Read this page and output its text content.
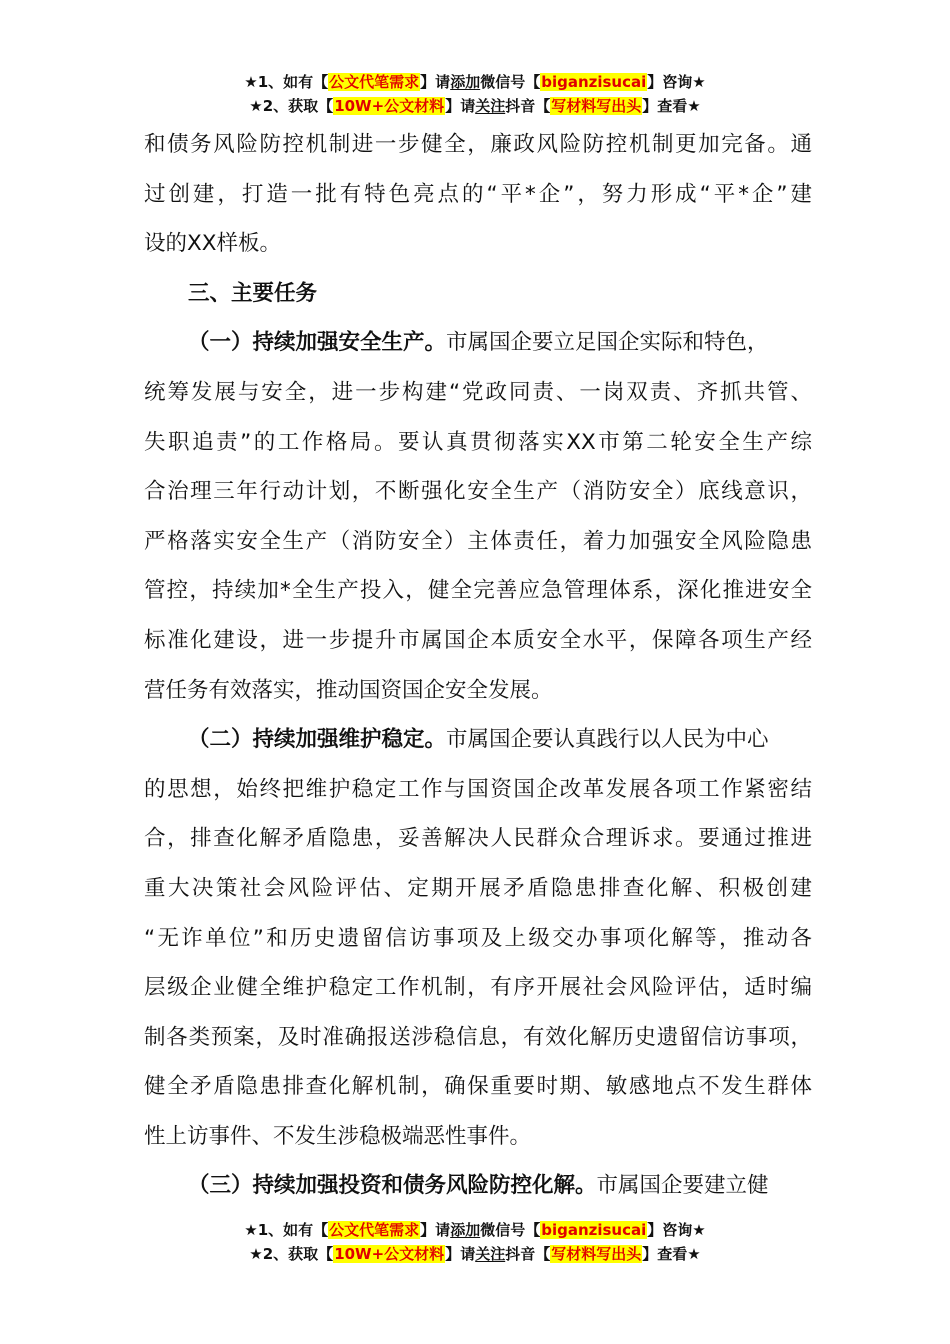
★1、如有【公文代笔需求】请添加微信号【biganzisucai】咨询★
★2、获取【10W+公文材料】请关注抖音【写材料写出头】查看★
和债务风险防控机制进一步健全，廉政风险防控机制更加完备。通
过创建，打造一批有特色亮点的“平*企”，努力形成“平*企”建
设的XX样板。
三、主要任务
（一）持续加强安全生产。市属国企要立足国企实际和特色，
统筹发展与安全，进一步构建“党政同责、一岗双责、齐抓共管、
失职追责”的工作格局。要认真贯彻落实XX市第二轮安全生产综
合治理三年行动计划，不断强化安全生产（消防安全）底线意识，
严格落实安全生产（消防安全）主体责任，着力加强安全风险隐患
管控，持续加*全生产投入，健全完善应急管理体系，深化推进安全
标准化建设，进一步提升市属国企本质安全水平，保障各项生产经
营任务有效落实，推动国资国企安全发展。
（二）持续加强维护稳定。市属国企要认真践行以人民为中心
的思想，始终把维护稳定工作与国资国企改革发展各项工作紧密结
合，排查化解矛盾隐患，妥善解决人民群众合理诉求。要通过推进
重大决策社会风险评估、定期开展矛盾隐患排查化解、积极创建
“无诈单位”和历史遗留信访事项及上级交办事项化解等，推动各
层级企业健全维护稳定工作机制，有序开展社会风险评估，适时编
制各类预案，及时准确报送涉稳信息，有效化解历史遗留信访事项，
健全矛盾隐患排查化解机制，确保重要时期、敏感地点不发生群体
性上访事件、不发生涉稳极端恶性事件。
（三）持续加强投资和债务风险防控化解。市属国企要建立健
★1、如有【公文代笔需求】请添加微信号【biganzisucai】咨询★
★2、获取【10W+公文材料】请关注抖音【写材料写出头】查看★
